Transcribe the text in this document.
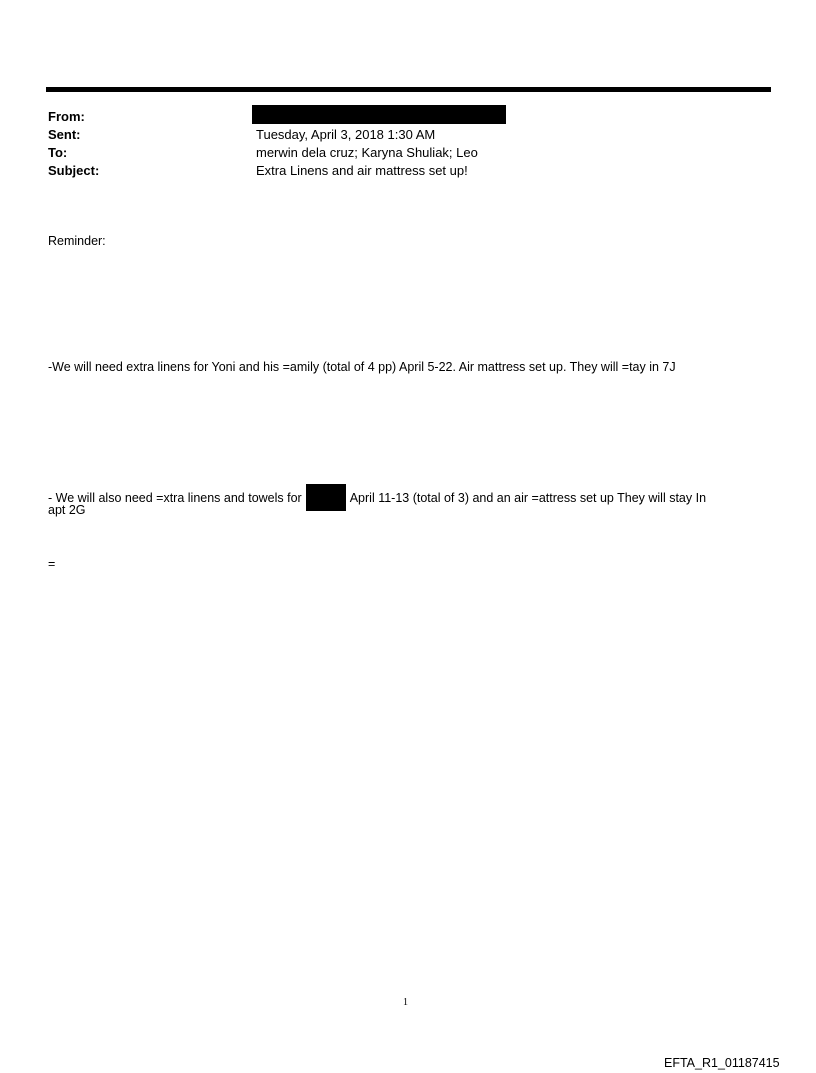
From:
Sent:	Tuesday, April 3, 2018 1:30 AM
To:	merwin dela cruz; Karyna Shuliak; Leo
Subject:	Extra Linens and air mattress set up!
Reminder:
-We will need extra linens for Yoni and his =amily (total of 4 pp) April 5-22. Air mattress set up. They will =tay in 7J
- We will also need =xtra linens and towels for	April 11-13 (total of 3) and an air =attress set up They will stay In
apt 2G
=
1
EFTA_R1_01187415
